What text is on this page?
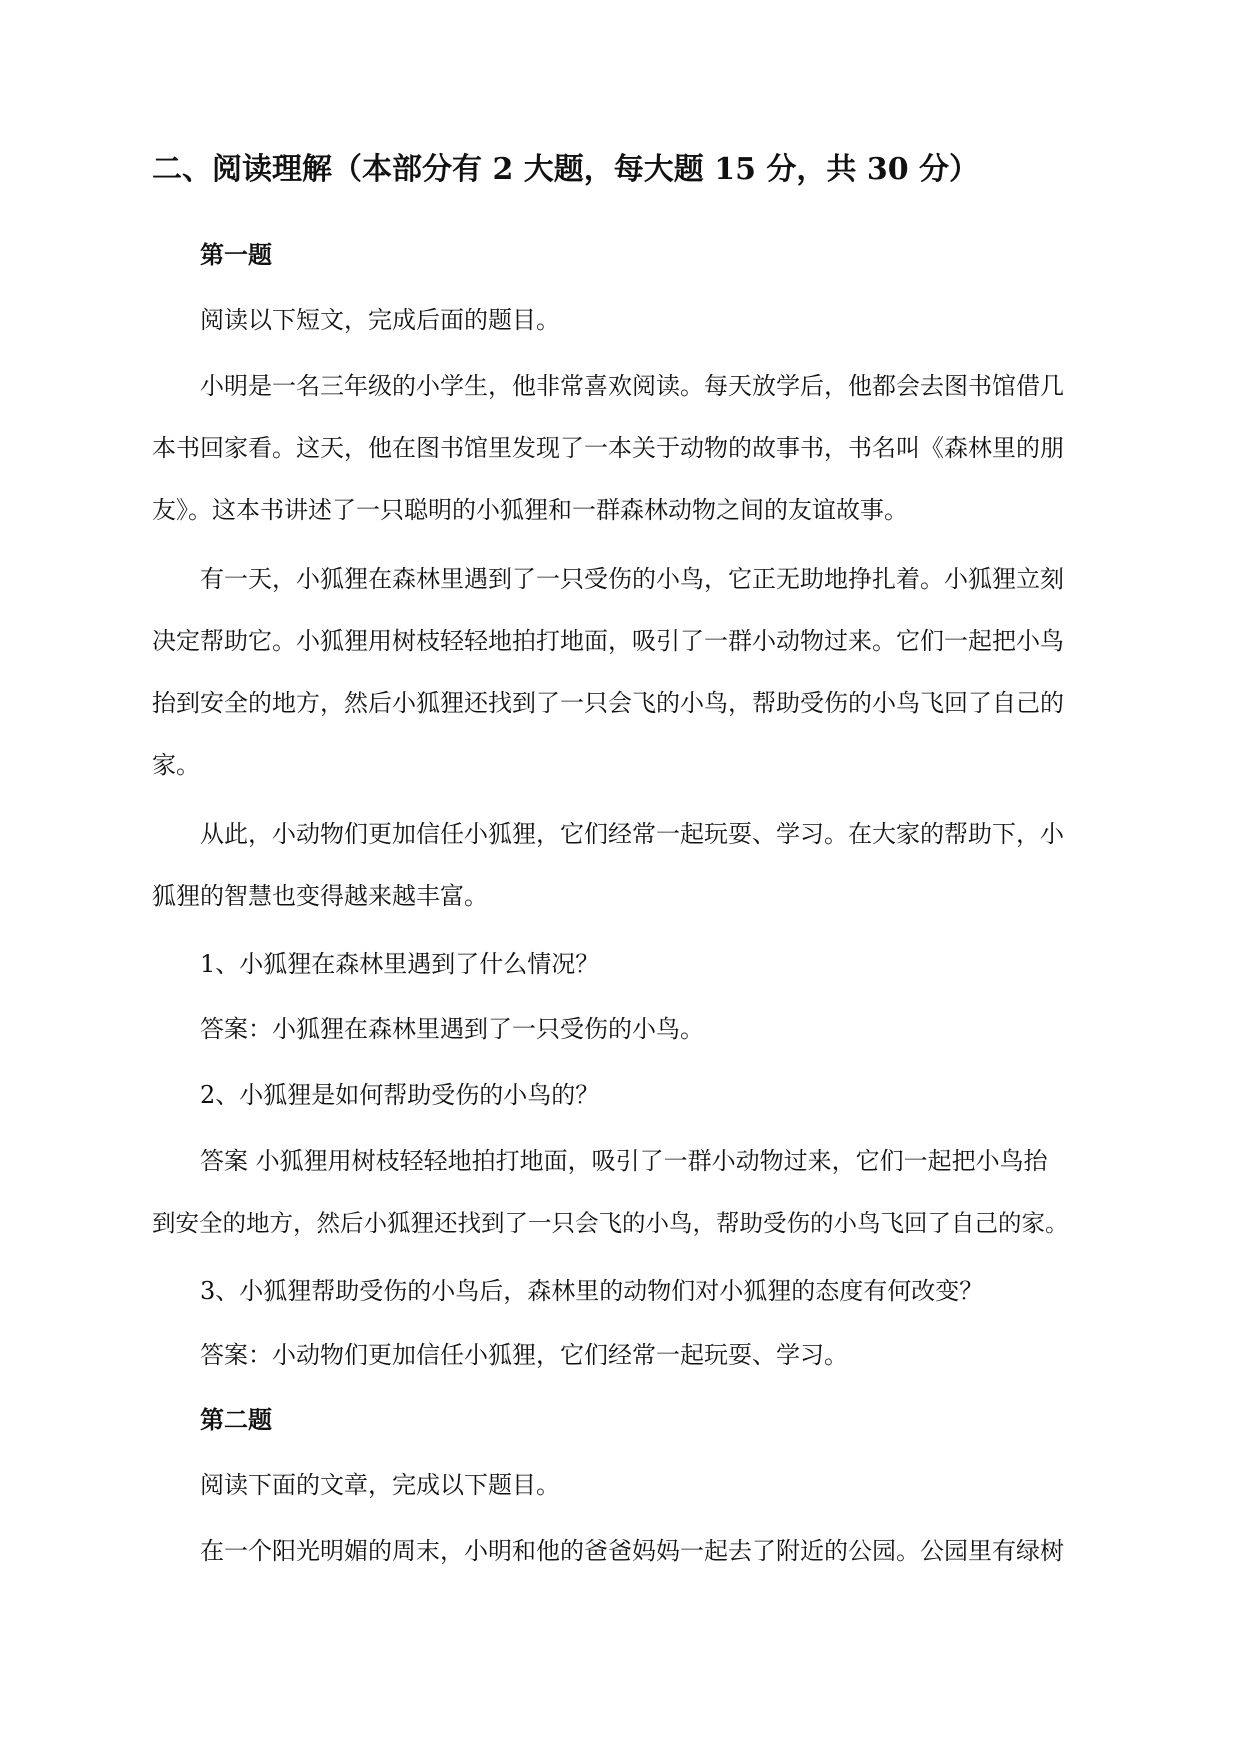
二、阅读理解（本部分有 2 大题，每大题 15 分，共 30 分）
第一题
阅读以下短文，完成后面的题目。
小明是一名三年级的小学生，他非常喜欢阅读。每天放学后，他都会去图书馆借几
本书回家看。这天，他在图书馆里发现了一本关于动物的故事书，书名叫《森林里的朋
友》。这本书讲述了一只聪明的小狐狸和一群森林动物之间的友谊故事。
有一天，小狐狸在森林里遇到了一只受伤的小鸟，它正无助地挣扎着。小狐狸立刻
决定帮助它。小狐狸用树枝轻轻地拍打地面，吸引了一群小动物过来。它们一起把小鸟
抬到安全的地方，然后小狐狸还找到了一只会飞的小鸟，帮助受伤的小鸟飞回了自己的
家。
从此，小动物们更加信任小狐狸，它们经常一起玩耍、学习。在大家的帮助下，小
狐狸的智慧也变得越来越丰富。
1、小狐狸在森林里遇到了什么情况？
答案：小狐狸在森林里遇到了一只受伤的小鸟。
2、小狐狸是如何帮助受伤的小鸟的？
答案 小狐狸用树枝轻轻地拍打地面，吸引了一群小动物过来，它们一起把小鸟抬
到安全的地方，然后小狐狸还找到了一只会飞的小鸟，帮助受伤的小鸟飞回了自己的家。
3、小狐狸帮助受伤的小鸟后，森林里的动物们对小狐狸的态度有何改变？
答案：小动物们更加信任小狐狸，它们经常一起玩耍、学习。
第二题
阅读下面的文章，完成以下题目。
在一个阳光明媚的周末，小明和他的爸爸妈妈一起去了附近的公园。公园里有绿树
